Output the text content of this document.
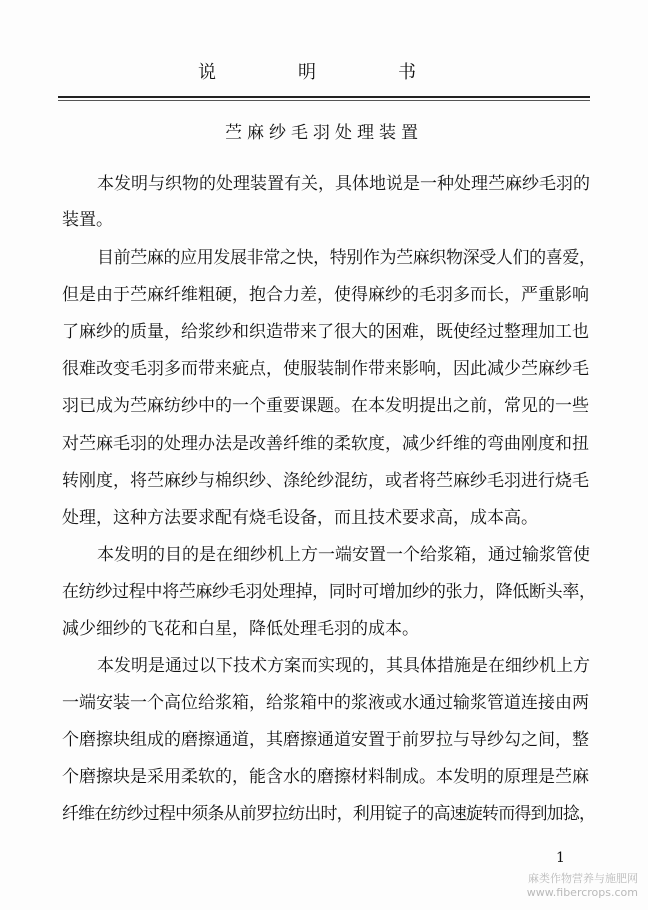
说	明	书
苎麻纱毛羽处理装置
本发明与织物的处理装置有关，具体地说是一种处理苎麻纱毛羽的
装置。
目前苎麻的应用发展非常之快，特别作为苎麻织物深受人们的喜爱，
但是由于苎麻纤维粗硬，抱合力差，使得麻纱的毛羽多而长，严重影响
了麻纱的质量，给浆纱和织造带来了很大的困难，既使经过整理加工也
很难改变毛羽多而带来疵点，使服装制作带来影响，因此减少苎麻纱毛
羽已成为苎麻纺纱中的一个重要课题。在本发明提出之前，常见的一些
对苎麻毛羽的处理办法是改善纤维的柔软度，减少纤维的弯曲刚度和扭
转刚度，将苎麻纱与棉织纱、涤纶纱混纺，或者将苎麻纱毛羽进行烧毛
处理，这种方法要求配有烧毛设备，而且技术要求高，成本高。
本发明的目的是在细纱机上方一端安置一个给浆箱，通过输浆管使
在纺纱过程中将苎麻纱毛羽处理掉，同时可增加纱的张力，降低断头率，
减少细纱的飞花和白星，降低处理毛羽的成本。
本发明是通过以下技术方案而实现的，其具体措施是在细纱机上方
一端安装一个高位给浆箱，给浆箱中的浆液或水通过输浆管道连接由两
个磨擦块组成的磨擦通道，其磨擦通道安置于前罗拉与导纱勾之间，整
个磨擦块是采用柔软的，能含水的磨擦材料制成。本发明的原理是苎麻
纤维在纺纱过程中须条从前罗拉纺出时，利用锭子的高速旋转而得到加捻，
1
麻类作物营养与施肥网
www.fibercrops.com
